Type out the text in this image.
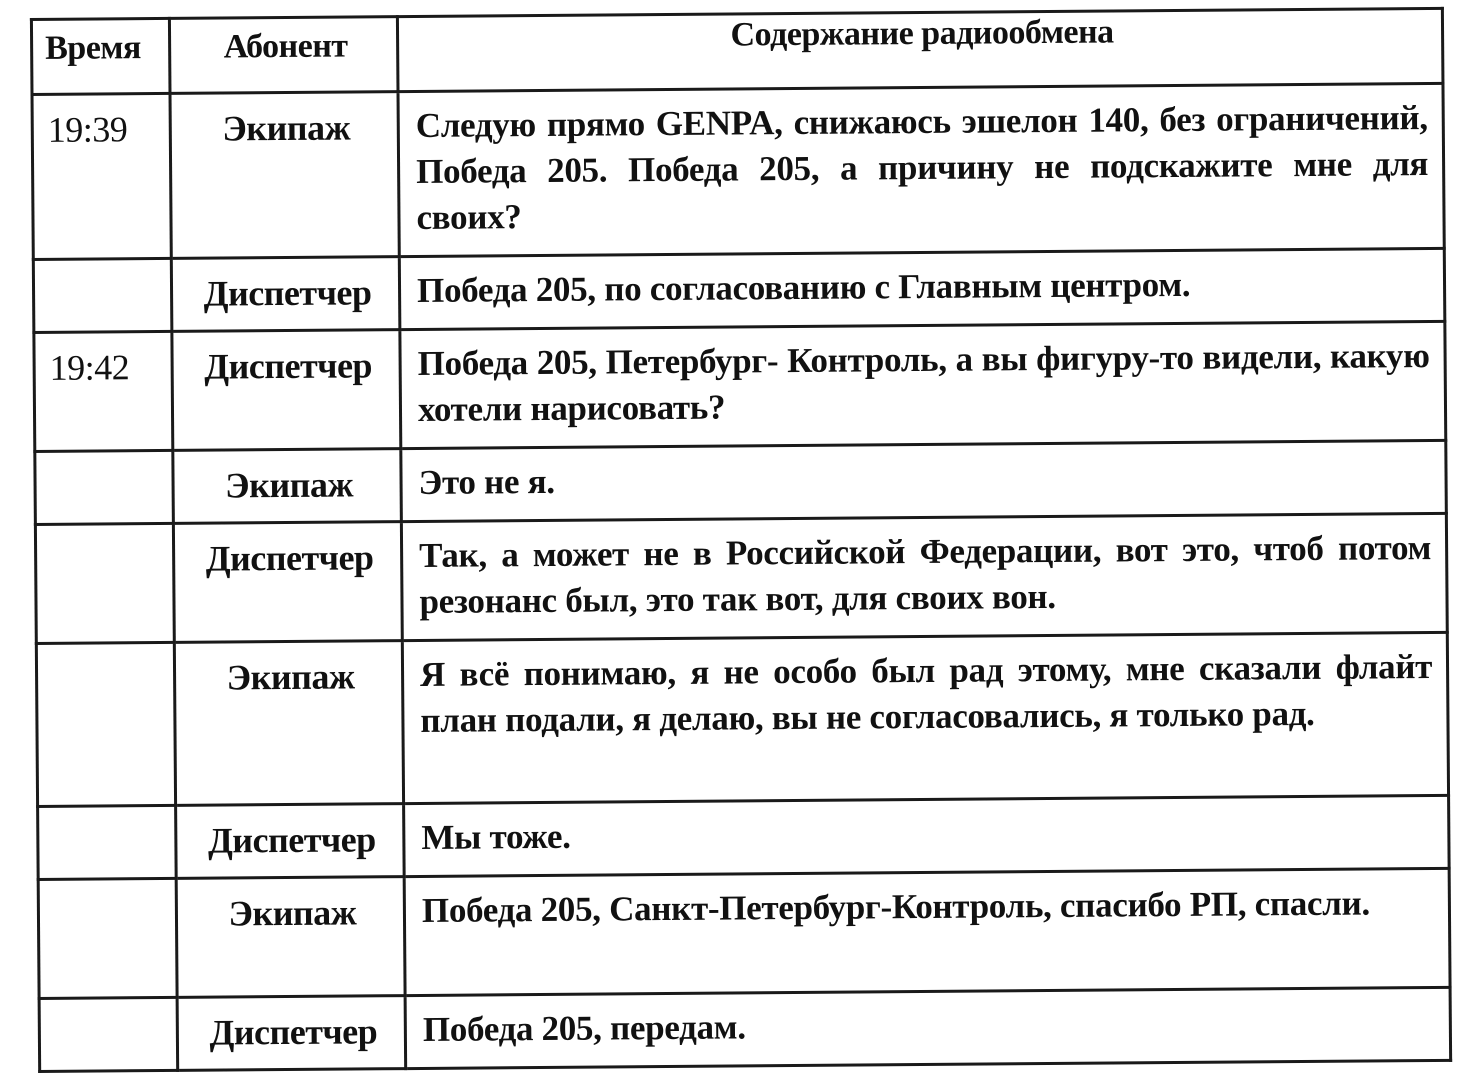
Время	Абонент	Содержание радиообмена

19:39	Экипаж	Следую прямо GENPA, снижаюсь эшелон 140, без ограничений, Победа 205. Победа 205, а причину не подскажите мне для своих?

	Диспетчер	Победа 205, по согласованию с Главным центром.

19:42	Диспетчер	Победа 205, Петербург- Контроль, а вы фигуру-то видели, какую хотели нарисовать?

	Экипаж	Это не я.

	Диспетчер	Так, а может не в Российской Федерации, вот это, чтоб потом резонанс был, это так вот, для своих вон.

	Экипаж	Я всё понимаю, я не особо был рад этому, мне сказали флайт план подали, я делаю, вы не согласовались, я только рад.

	Диспетчер	Мы тоже.

	Экипаж	Победа 205, Санкт-Петербург-Контроль, спасибо РП, спасли.

	Диспетчер	Победа 205, передам.
